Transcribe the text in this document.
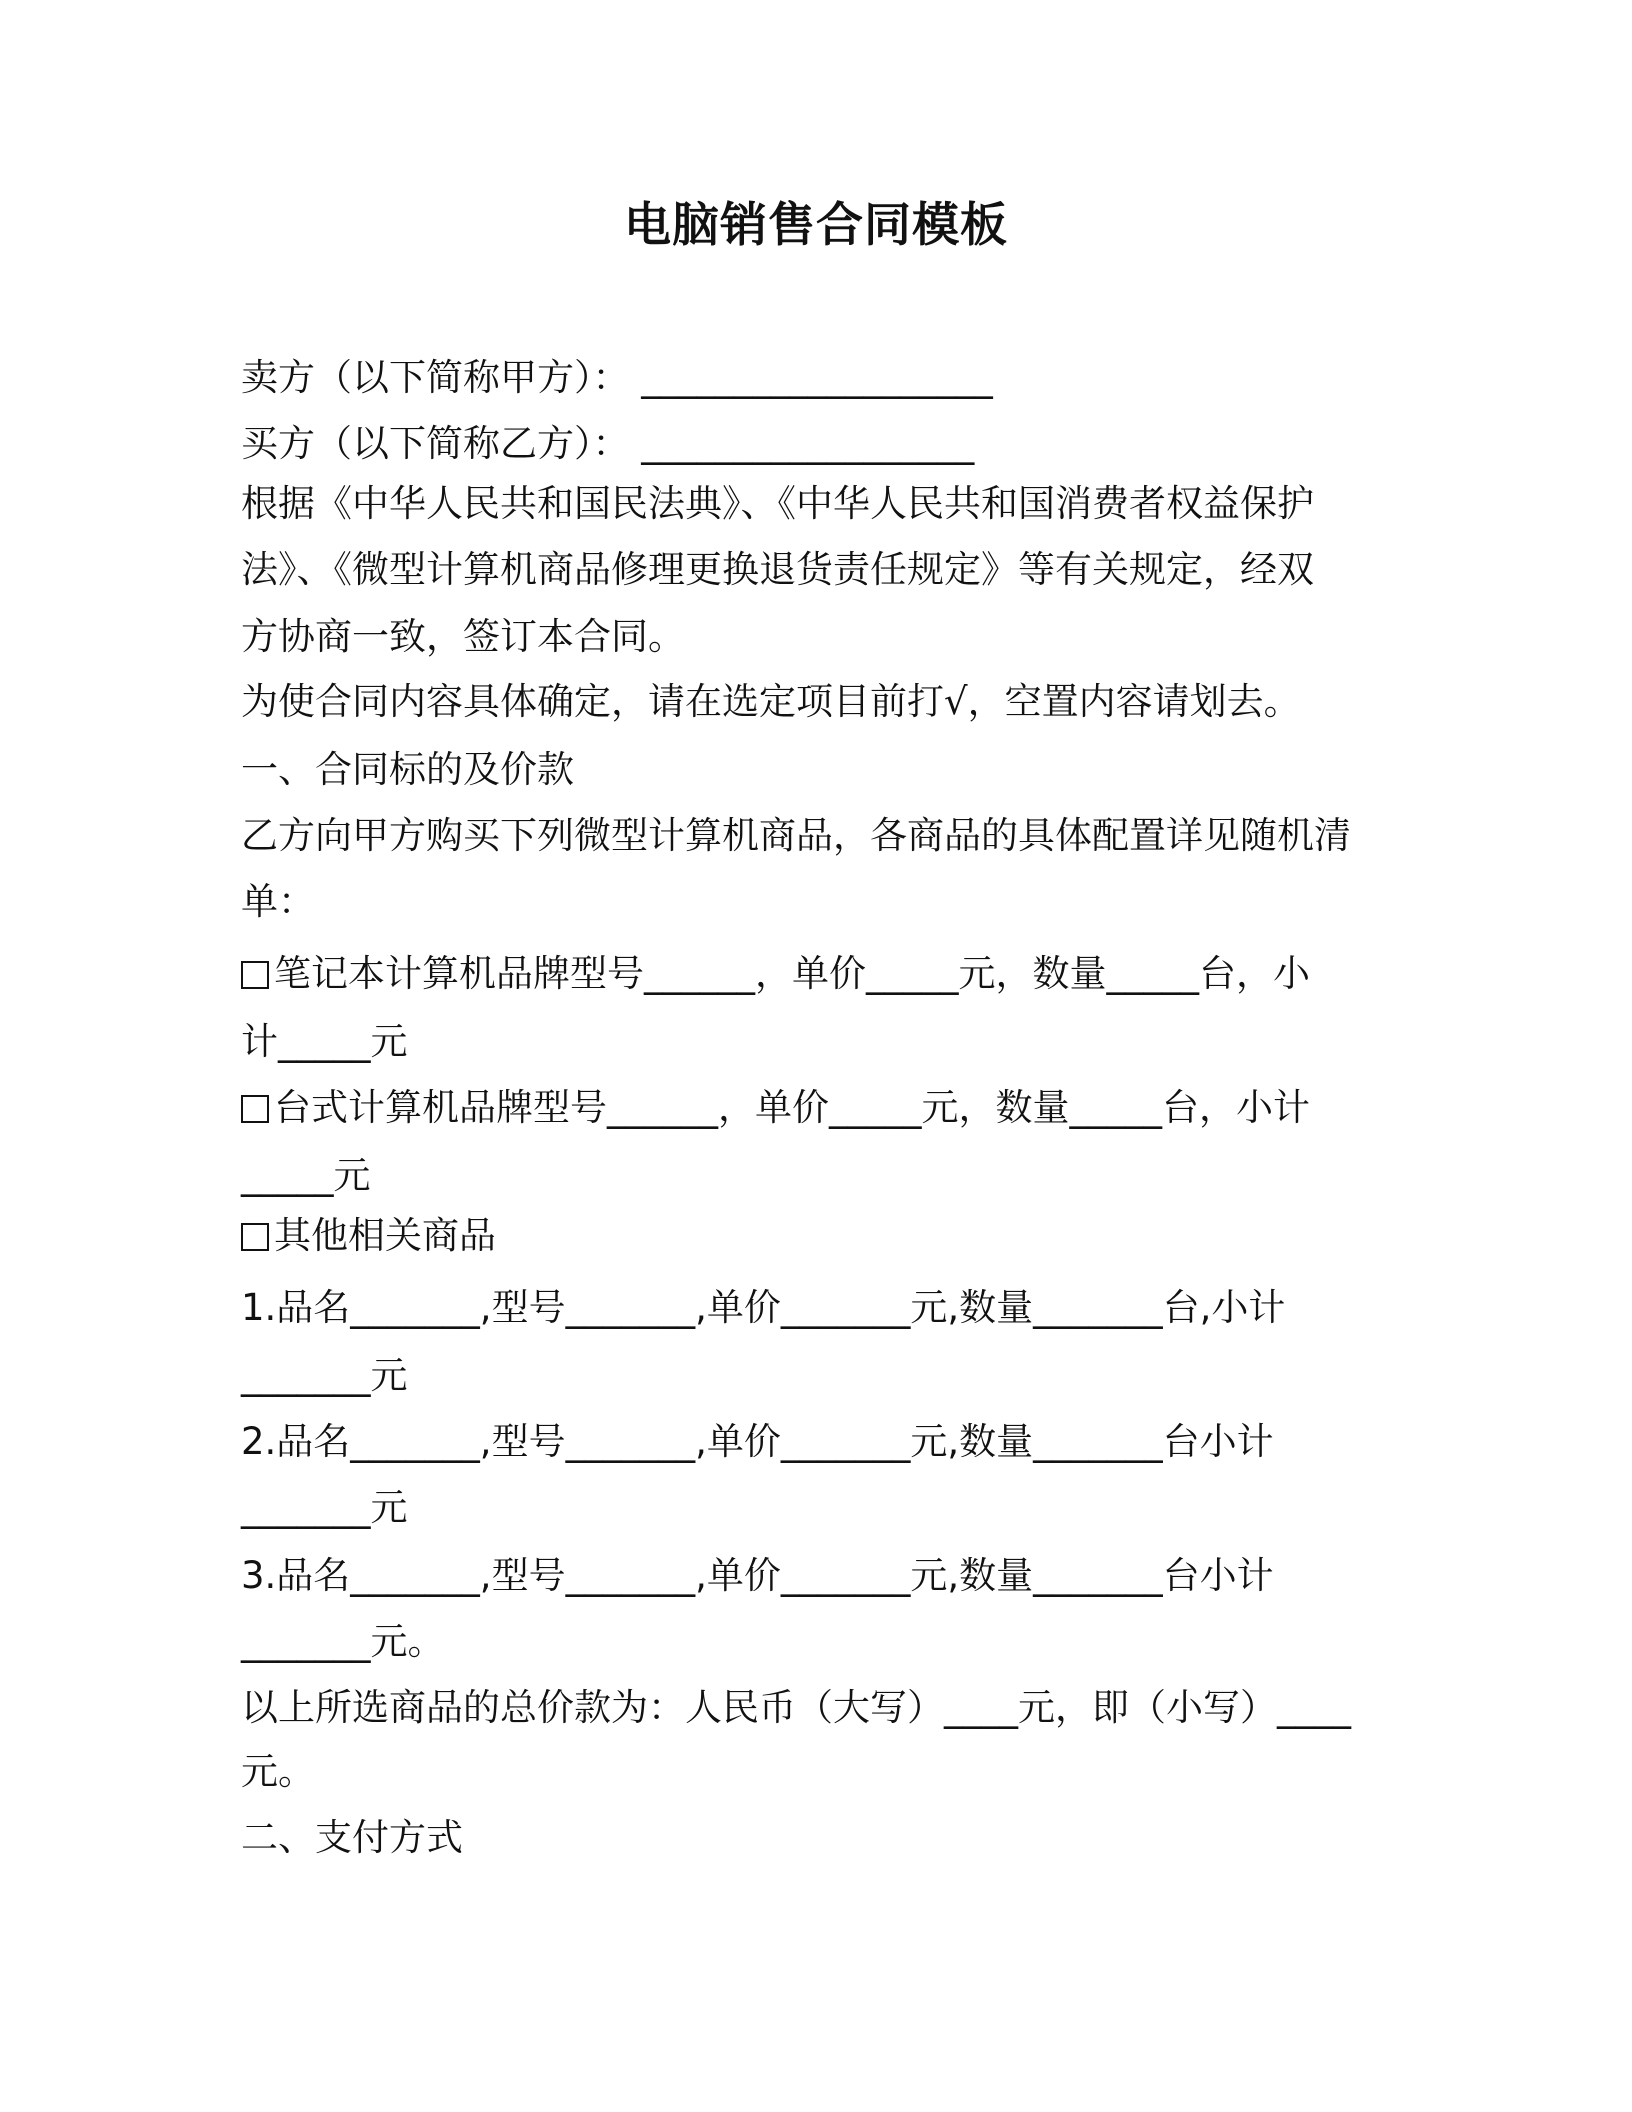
电脑销售合同模板
卖方（以下简称甲方）： ___________________
买方（以下简称乙方）： __________________
根据《中华人民共和国民法典》、《中华人民共和国消费者权益保护
法》、《微型计算机商品修理更换退货责任规定》等有关规定，经双
方协商一致，签订本合同。
为使合同内容具体确定，请在选定项目前打√，空置内容请划去。
一、合同标的及价款
乙方向甲方购买下列微型计算机商品，各商品的具体配置详见随机清
单：
笔记本计算机品牌型号______，单价_____元，数量_____台，小
计_____元
台式计算机品牌型号______，单价_____元，数量_____台，小计
_____元
其他相关商品
1.品名_______,型号_______,单价_______元,数量_______台,小计
_______元
2.品名_______,型号_______,单价_______元,数量_______台小计
_______元
3.品名_______,型号_______,单价_______元,数量_______台小计
_______元。
以上所选商品的总价款为：人民币（大写）____元，即（小写）____
元。
二、支付方式
